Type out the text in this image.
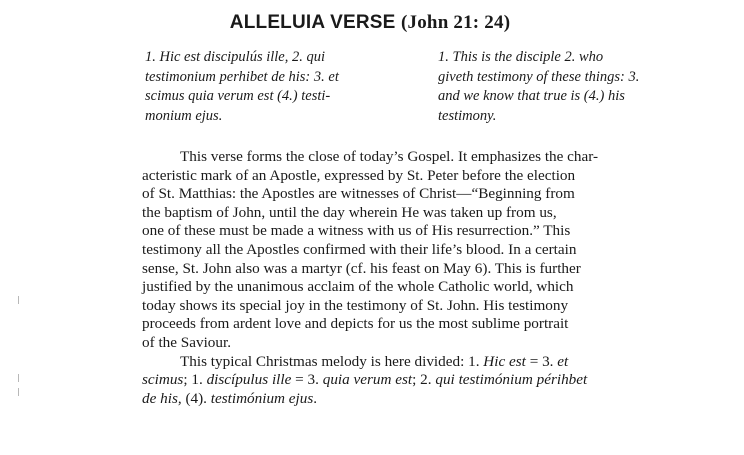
ALLELUIA VERSE (John 21: 24)
1. Hic est discipulús ille, 2. qui
testimonium perhibet de his: 3. et
scimus quia verum est (4.) testi-
monium ejus.
1. This is the disciple 2. who
giveth testimony of these things: 3.
and we know that true is (4.) his
testimony.
This verse forms the close of today’s Gospel. It emphasizes the char-
acteristic mark of an Apostle, expressed by St. Peter before the election
of St. Matthias: the Apostles are witnesses of Christ—“Beginning from
the baptism of John, until the day wherein He was taken up from us,
one of these must be made a witness with us of His resurrection.” This
testimony all the Apostles confirmed with their life’s blood. In a certain
sense, St. John also was a martyr (cf. his feast on May 6). This is further
justified by the unanimous acclaim of the whole Catholic world, which
today shows its special joy in the testimony of St. John. His testimony
proceeds from ardent love and depicts for us the most sublime portrait
of the Saviour.
This typical Christmas melody is here divided: 1. Hic est = 3. et
scimus; 1. discípulus ille = 3. quia verum est; 2. qui testimónium périhbet
de his, (4). testimónium ejus.
